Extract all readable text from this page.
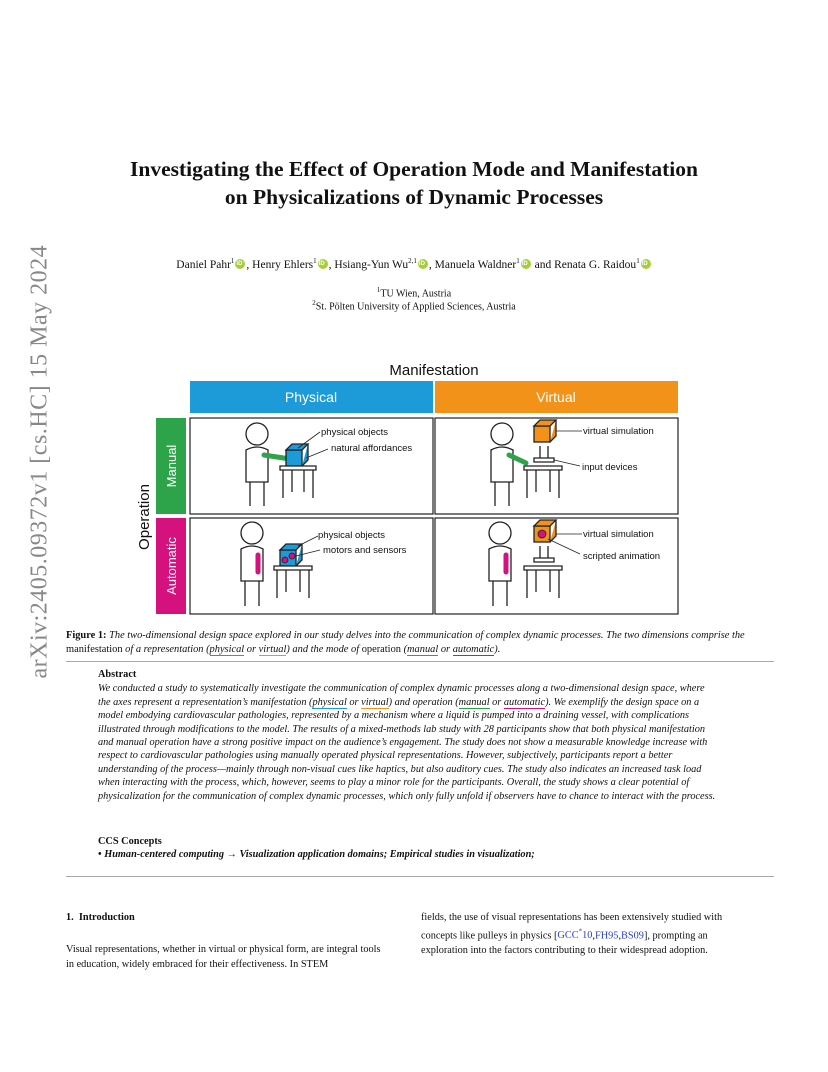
arXiv:2405.09372v1 [cs.HC] 15 May 2024
Investigating the Effect of Operation Mode and Manifestation
on Physicalizations of Dynamic Processes
Daniel Pahr$^1$ iD , Henry Ehlers$^1$ iD , Hsiang-Yun Wu$^{2,1}$ iD , Manuela Waldner$^1$ iD and Renata G. Raidou$^1$iD
$^1$TU Wien, Austria
$^2$St. Pölten University of Applied Sciences, Austria
Manifestation
Physical	Virtual
Operation
Manual
Automatic
physical objects
natural affordances
virtual simulation
input devices
physical objects
motors and sensors
virtual simulation
scripted animation
Figure 1: The two-dimensional design space explored in our study delves into the communication of complex dynamic processes. The two dimensions comprise the manifestation of a representation (physical or virtual) and the mode of operation (manual or automatic).
Abstract

We conducted a study to systematically investigate the communication of complex dynamic processes along a two-dimensional design space, where the axes represent a representation’s manifestation (physical or virtual) and operation (manual or automatic). We exemplify the design space on a model embodying cardiovascular pathologies, represented by a mechanism where a liquid is pumped into a draining vessel, with complications illustrated through modifications to the model. The results of a mixed-methods lab study with 28 participants show that both physical manifestation and manual operation have a strong positive impact on the audience’s engagement. The study does not show a measurable knowledge increase with respect to cardiovascular pathologies using manually operated physical representations. However, subjectively, participants report a better understanding of the process—mainly through non-visual cues like haptics, but also auditory cues. The study also indicates an increased task load when interacting with the process, which, however, seems to play a minor role for the participants. Overall, the study shows a clear potential of physicalization for the communication of complex dynamic processes, which only fully unfold if observers have to chance to interact with the process.

CCS Concepts
• Human-centered computing → Visualization application domains; Empirical studies in visualization;
1. Introduction
Visual representations, whether in virtual or physical form, are integral tools in education, widely embraced for their effectiveness. In STEM
fields, the use of visual representations has been extensively studied with concepts like pulleys in physics [GCC*10,FH95,BS09], prompting an exploration into the factors contributing to their widespread adoption.
